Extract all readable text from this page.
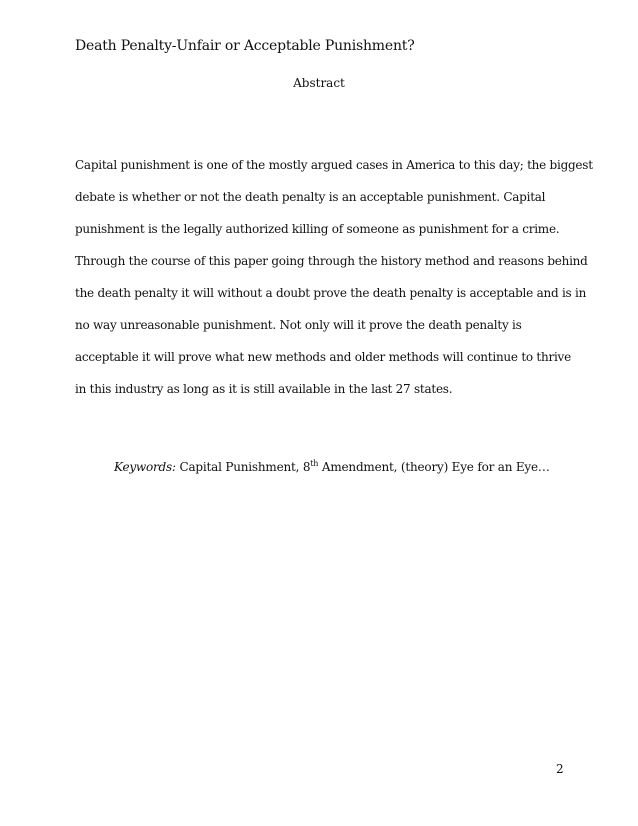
Death Penalty-Unfair or Acceptable Punishment?
Abstract
Capital punishment is one of the mostly argued cases in America to this day; the biggest
debate is whether or not the death penalty is an acceptable punishment. Capital
punishment is the legally authorized killing of someone as punishment for a crime.
Through the course of this paper going through the history method and reasons behind
the death penalty it will without a doubt prove the death penalty is acceptable and is in
no way unreasonable punishment. Not only will it prove the death penalty is
acceptable it will prove what new methods and older methods will continue to thrive
in this industry as long as it is still available in the last 27 states.
Keywords: Capital Punishment, 8th Amendment, (theory) Eye for an Eye…
2
